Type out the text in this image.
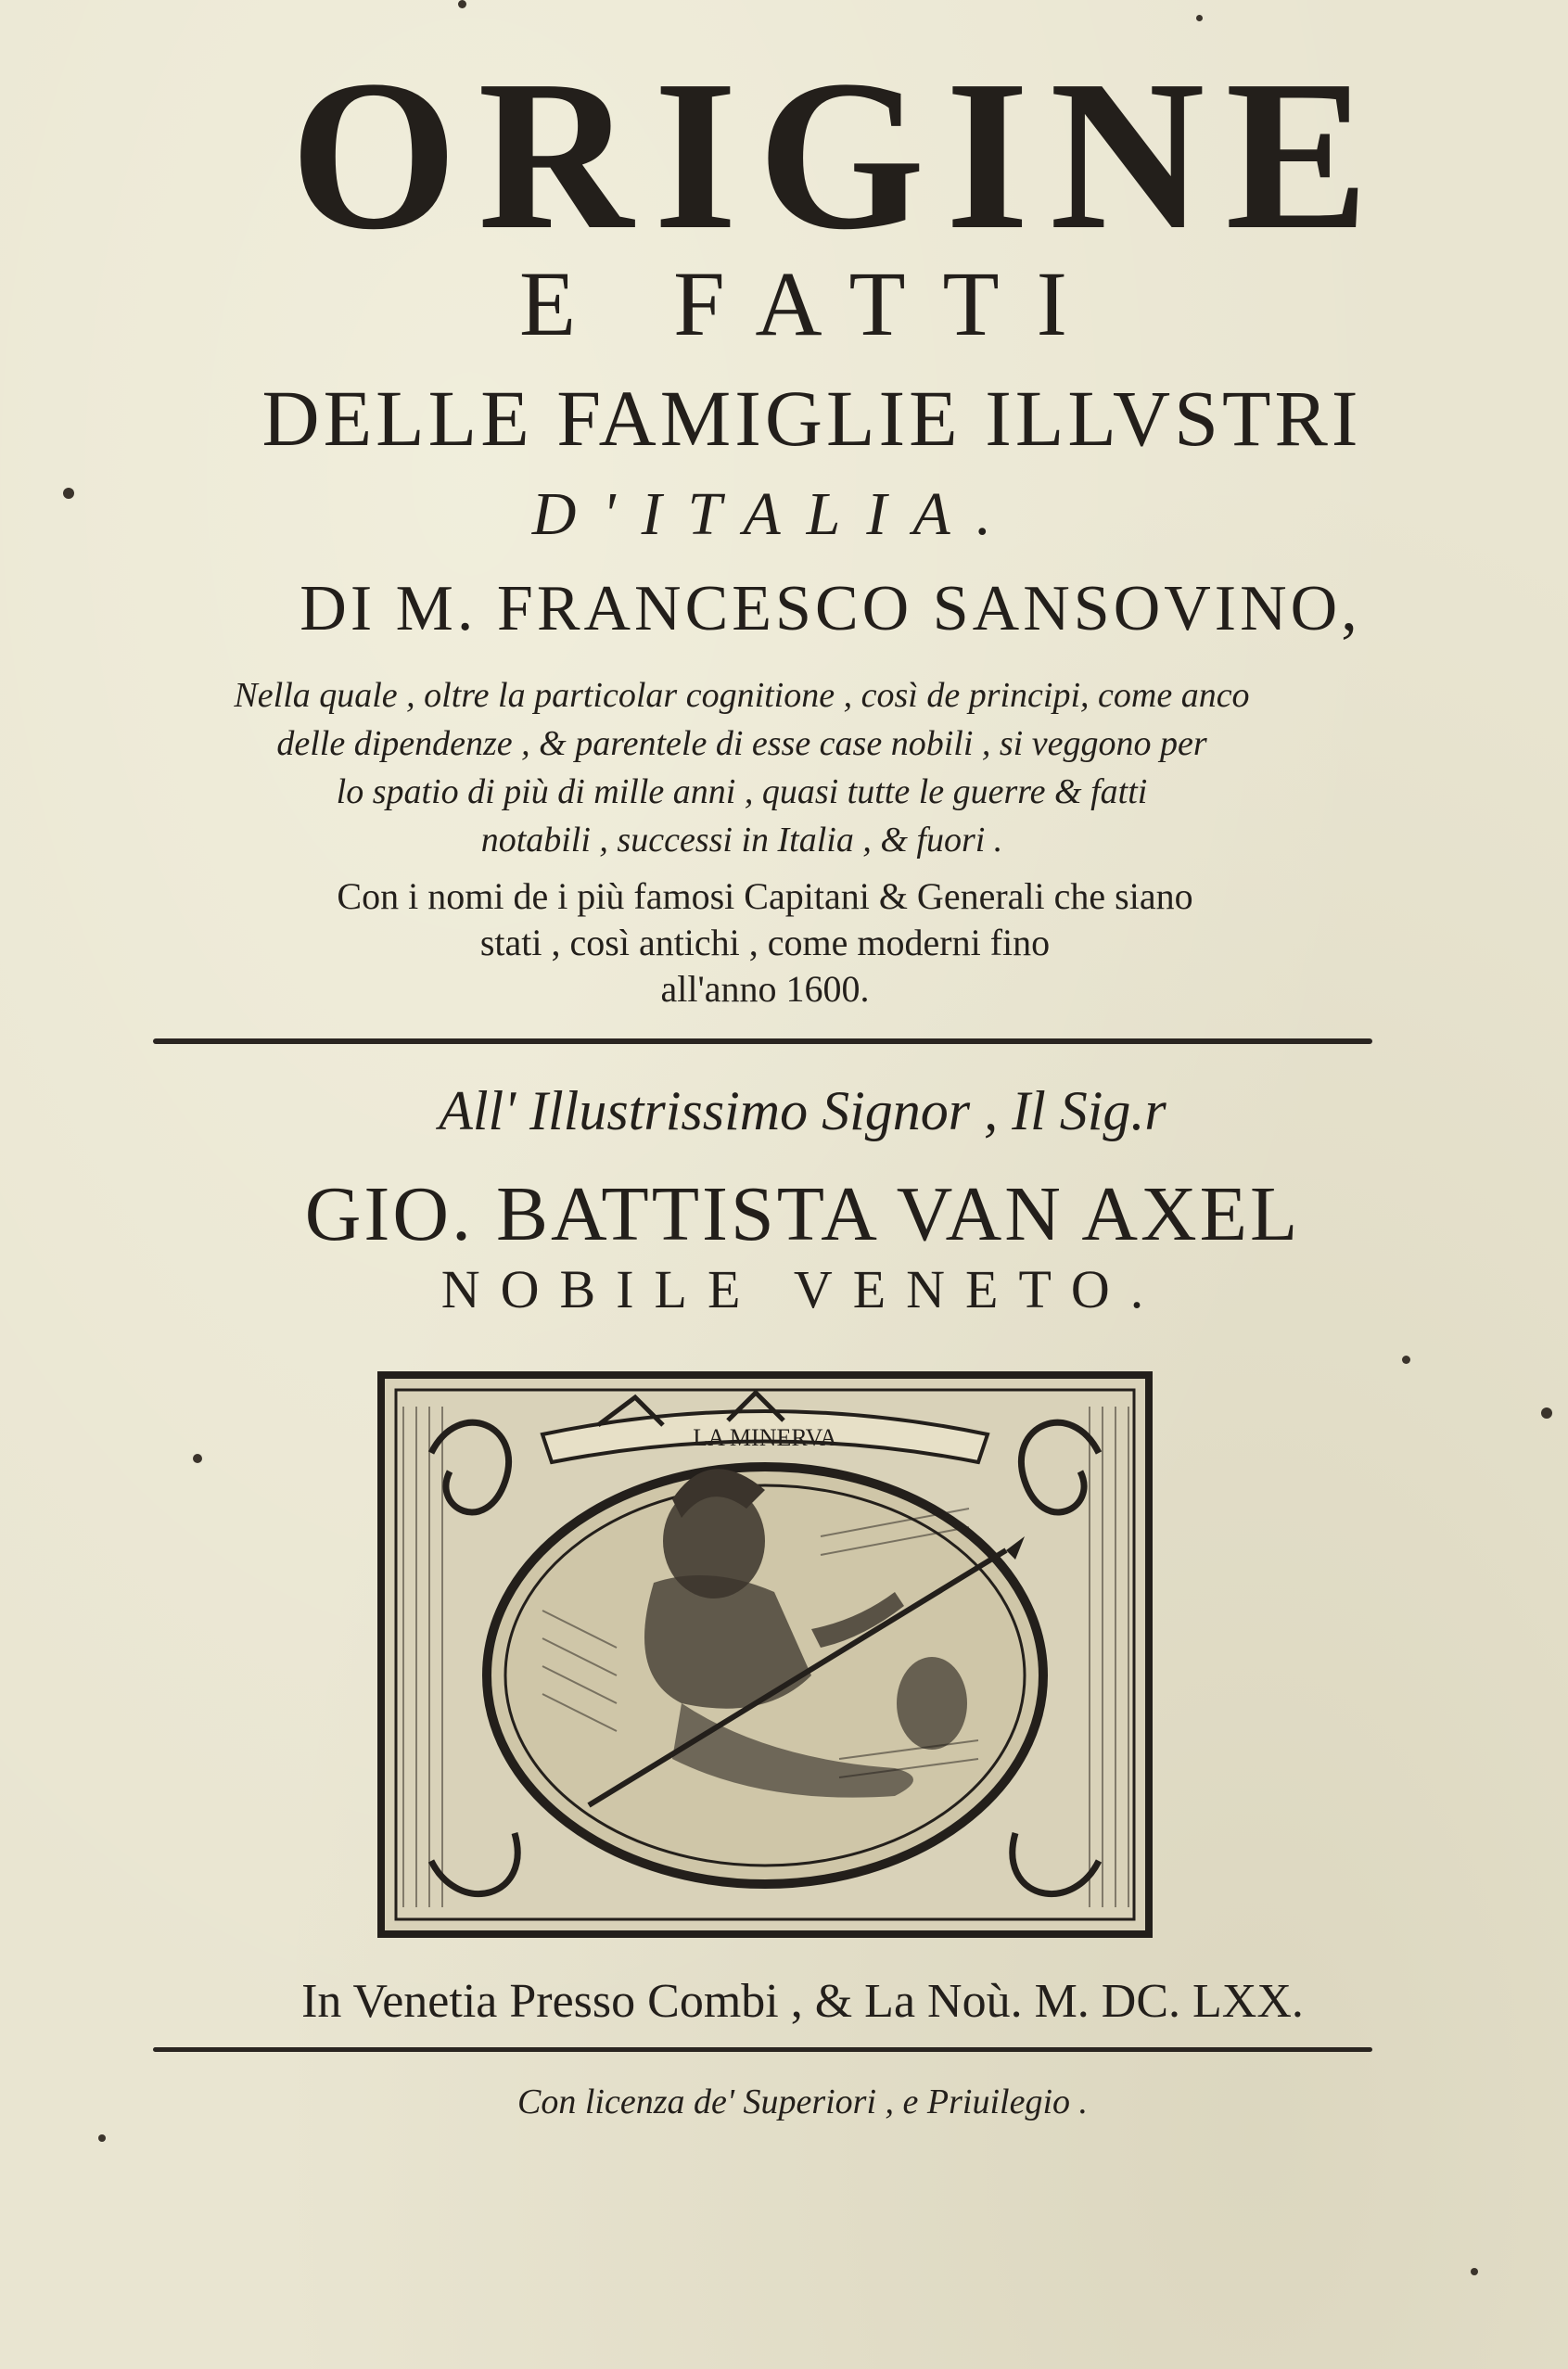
ORIGINE
E FATTI
DELLE FAMIGLIE ILLVSTRI
D'ITALIA.
DI M. FRANCESCO SANSOVINO,
Nella quale , oltre la particolar cognitione , così de principi, come anco
delle dipendenze , & parentele di esse case nobili , si veggono per
lo spatio di più di mille anni , quasi tutte le guerre & fatti
notabili , successi in Italia , & fuori .
Con i nomi de i più famosi Capitani & Generali che siano
stati , così antichi , come moderni fino
all'anno 1600.
All' Illustrissimo Signor , Il Sig.r
GIO. BATTISTA VAN AXEL
NOBILE VENETO.
LA MINERVA
In Venetia Presso Combi , & La Noù. M. DC. LXX.
Con licenza de' Superiori , e Priuilegio .
